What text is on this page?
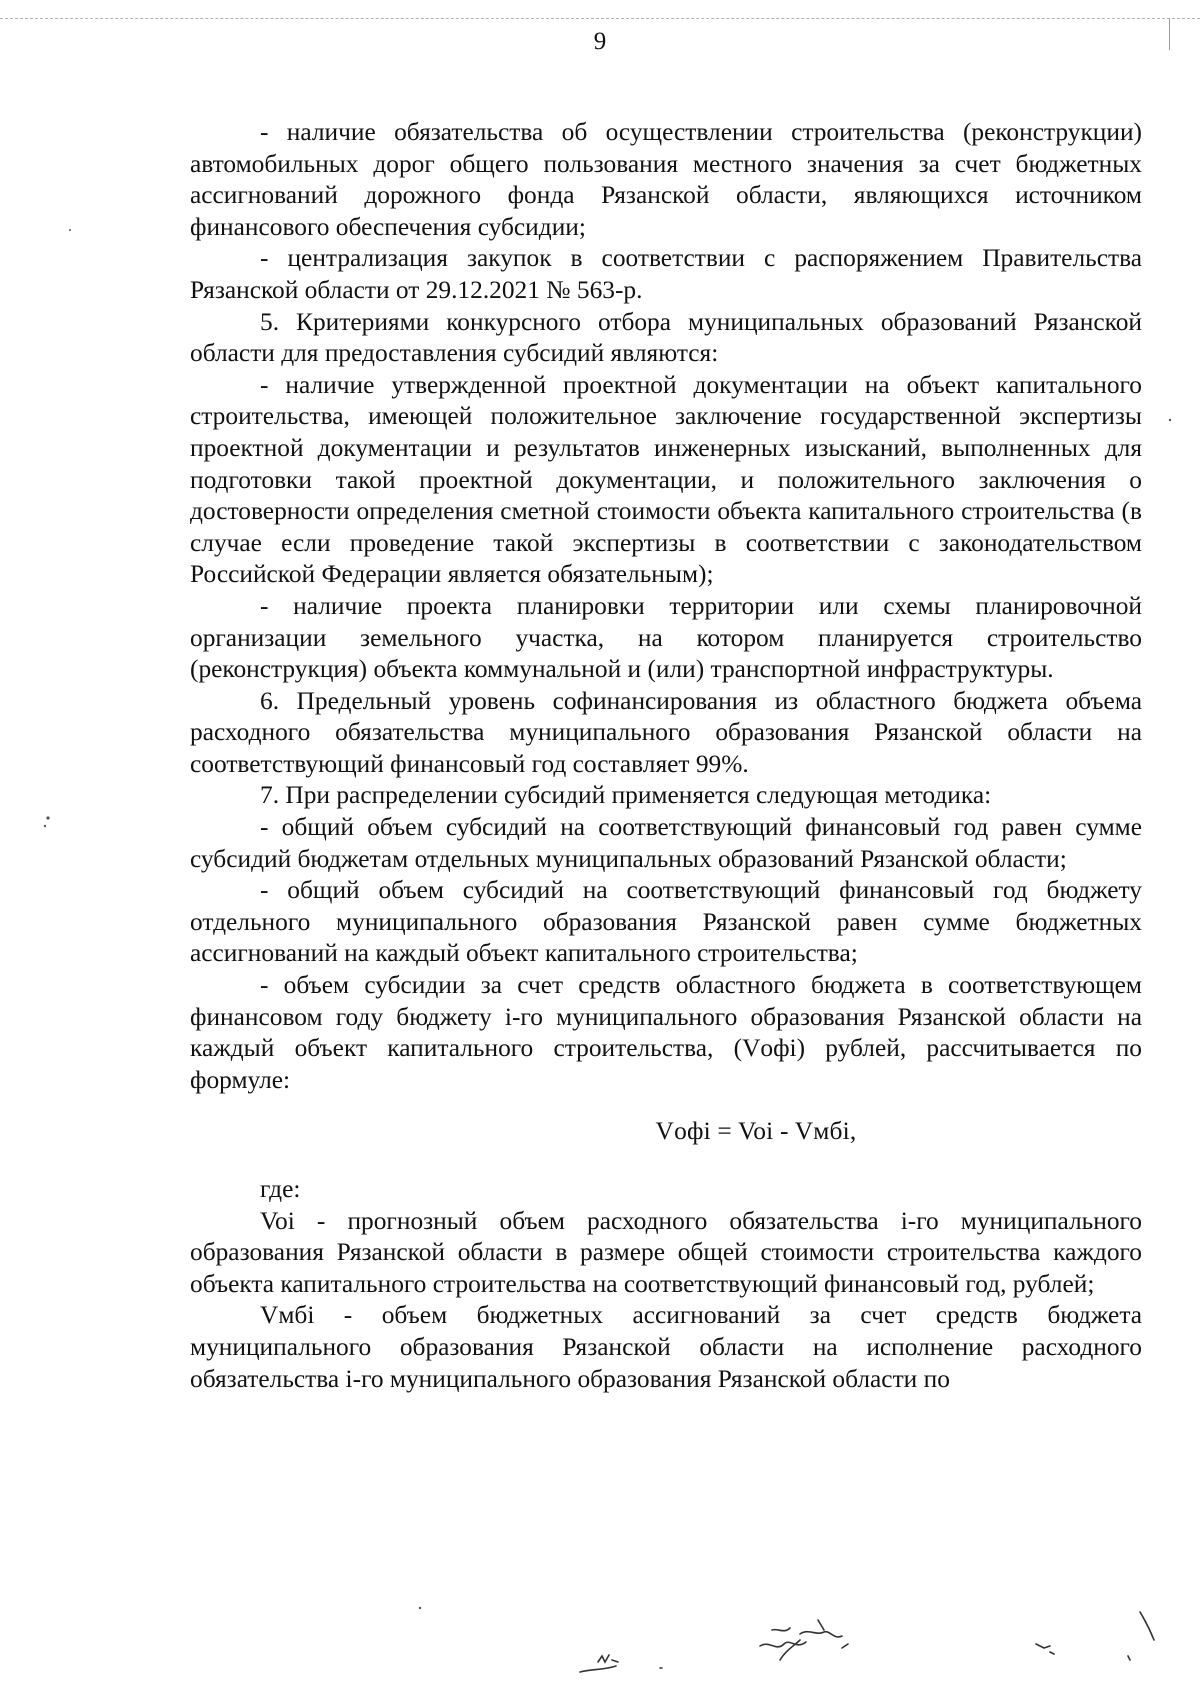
9

- наличие обязательства об осуществлении строительства (реконструкции) автомобильных дорог общего пользования местного значения за счет бюджетных ассигнований дорожного фонда Рязанской области, являющихся источником финансового обеспечения субсидии;

- централизация закупок в соответствии с распоряжением Правительства Рязанской области от 29.12.2021 № 563-р.

5. Критериями конкурсного отбора муниципальных образований Рязанской области для предоставления субсидий являются:

- наличие утвержденной проектной документации на объект капитального строительства, имеющей положительное заключение государственной экспертизы проектной документации и результатов инженерных изысканий, выполненных для подготовки такой проектной документации, и положительного заключения о достоверности определения сметной стоимости объекта капитального строительства (в случае если проведение такой экспертизы в соответствии с законодательством Российской Федерации является обязательным);

- наличие проекта планировки территории или схемы планировочной организации земельного участка, на котором планируется строительство (реконструкция) объекта коммунальной и (или) транспортной инфраструктуры.

6. Предельный уровень софинансирования из областного бюджета объема расходного обязательства муниципального образования Рязанской области на соответствующий финансовый год составляет 99%.

7. При распределении субсидий применяется следующая методика:

- общий объем субсидий на соответствующий финансовый год равен сумме субсидий бюджетам отдельных муниципальных образований Рязанской области;

- общий объем субсидий на соответствующий финансовый год бюджету отдельного муниципального образования Рязанской равен сумме бюджетных ассигнований на каждый объект капитального строительства;

- объем субсидии за счет средств областного бюджета в соответствующем финансовом году бюджету i-го муниципального образования Рязанской области на каждый объект капитального строительства, (Vофi) рублей, рассчитывается по формуле:

Vофi = Voi - Vмбi,

где:

Voi - прогнозный объем расходного обязательства i-го муниципального образования Рязанской области в размере общей стоимости строительства каждого объекта капитального строительства на соответствующий финансовый год, рублей;

Vмбi - объем бюджетных ассигнований за счет средств бюджета муниципального образования Рязанской области на исполнение расходного обязательства i-го муниципального образования Рязанской области по
